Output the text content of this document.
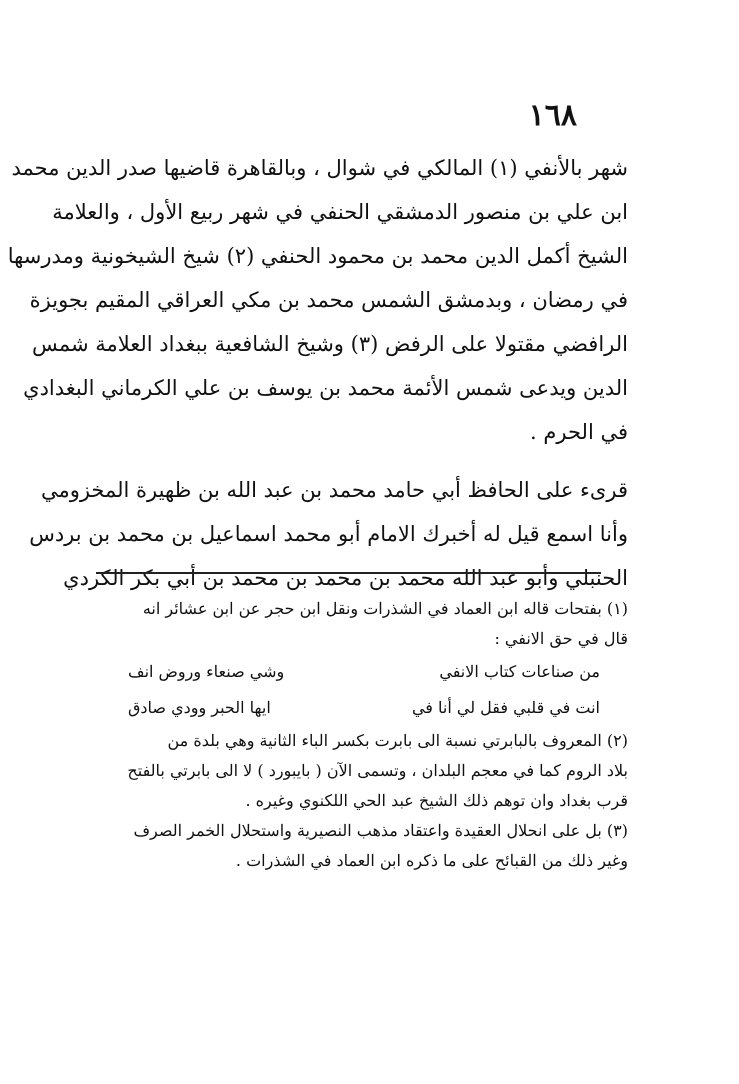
١٦٨
شهر بالأنفي (١) المالكي في شوال ، وبالقاهرة قاضيها صدر الدين محمد
ابن علي بن منصور الدمشقي الحنفي في شهر ربيع الأول ، والعلامة
الشيخ أكمل الدين محمد بن محمود الحنفي (٢) شيخ الشيخونية ومدرسها
في رمضان ، وبدمشق الشمس محمد بن مكي العراقي المقيم بجويزة
الرافضي مقتولا على الرفض (٣) وشيخ الشافعية ببغداد العلامة شمس
الدين ويدعى شمس الأئمة محمد بن يوسف بن علي الكرماني البغدادي
في الحرم .
قرىء على الحافظ أبي حامد محمد بن عبد الله بن ظهيرة المخزومي
وأنا اسمع قيل له أخبرك الامام أبو محمد اسماعيل بن محمد بن بردس
الحنبلي وأبو عبد الله محمد بن محمد بن محمد بن أبي بكر الكردي
(١) بفتحات قاله ابن العماد في الشذرات ونقل ابن حجر عن ابن عشائر انه
قال في حق الانفي :
من صناعات كتاب الانفي
وشي صنعاء وروض انف
انت في قلبي فقل لي أنا في
ايها الحبر وودي صادق
(٢) المعروف بالبابرتي نسبة الى بابرت بكسر الباء الثانية وهي بلدة من
بلاد الروم كما في معجم البلدان ، وتسمى الآن ( بايبورد ) لا الى بابرتي بالفتح
قرب بغداد وان توهم ذلك الشيخ عبد الحي اللكنوي وغيره .
(٣) بل على انحلال العقيدة واعتقاد مذهب النصيرية واستحلال الخمر الصرف
وغير ذلك من القبائح على ما ذكره ابن العماد في الشذرات .
